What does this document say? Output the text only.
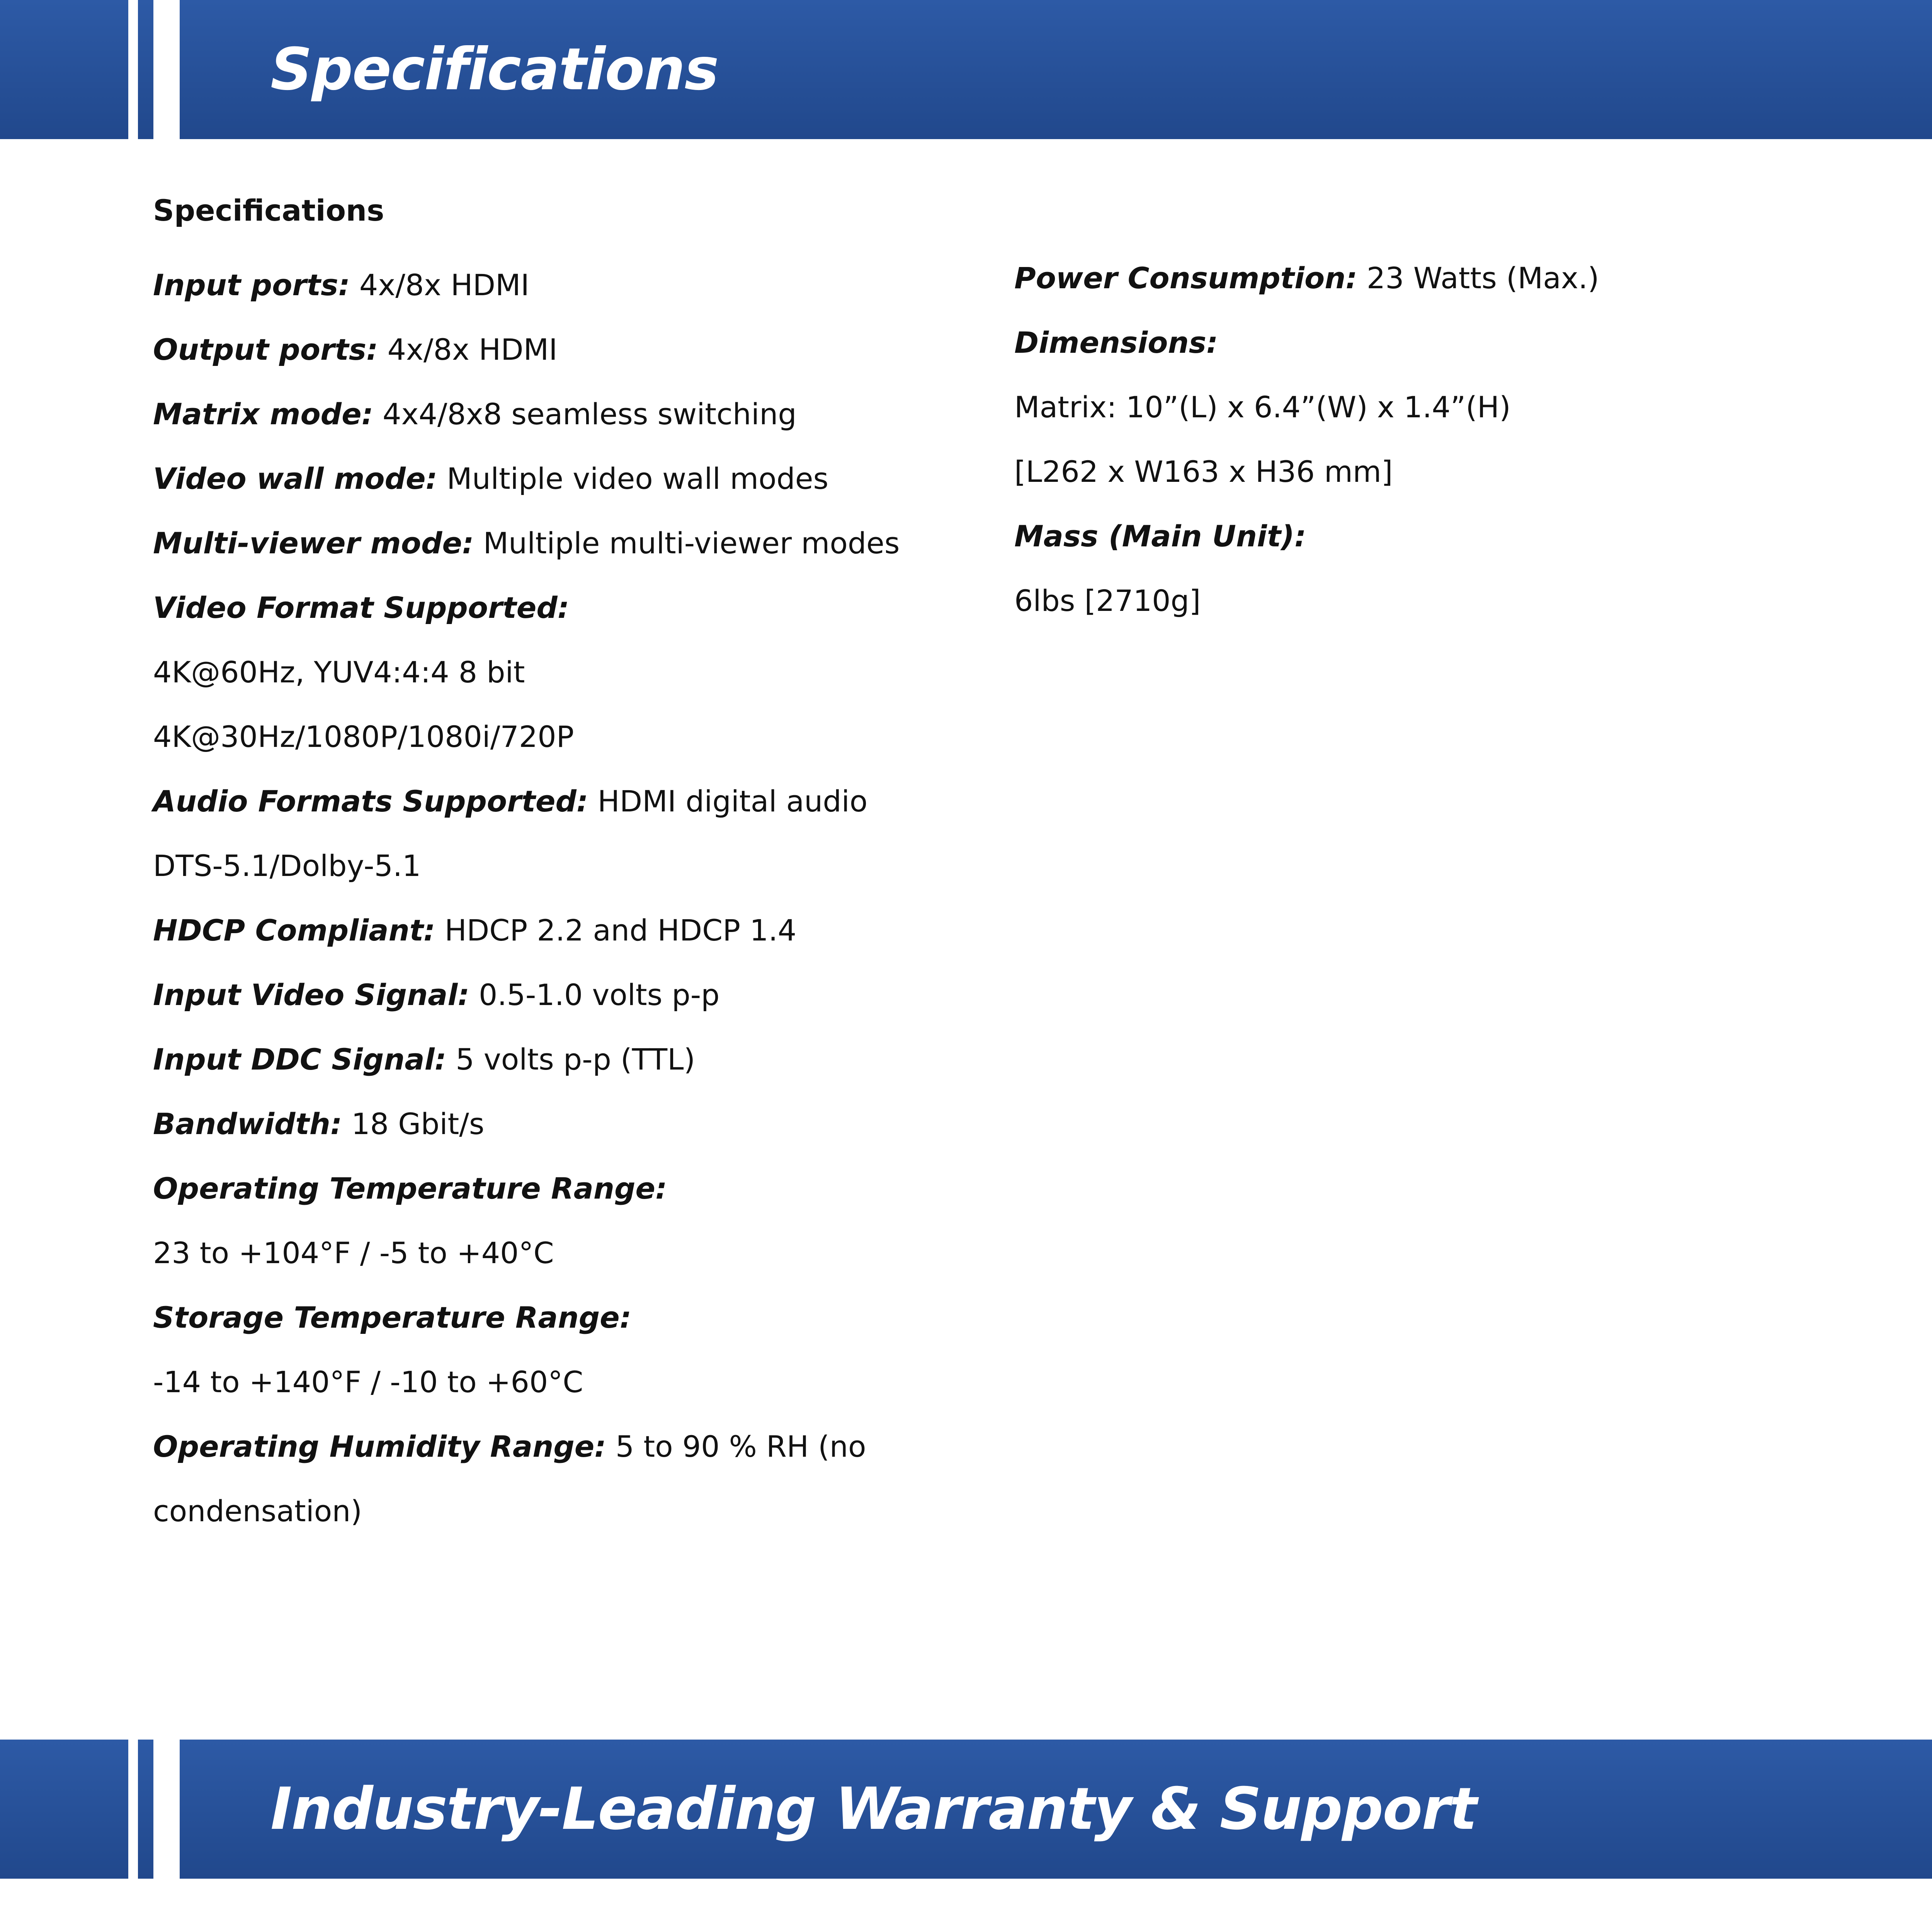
Specifications
Specifications
Input ports: 4x/8x HDMI
Output ports: 4x/8x HDMI
Matrix mode: 4x4/8x8 seamless switching
Video wall mode: Multiple video wall modes
Multi-viewer mode: Multiple multi-viewer modes
Video Format Supported:
4K@60Hz, YUV4:4:4 8 bit
4K@30Hz/1080P/1080i/720P
Audio Formats Supported: HDMI digital audio
DTS-5.1/Dolby-5.1
HDCP Compliant: HDCP 2.2 and HDCP 1.4
Input Video Signal: 0.5-1.0 volts p-p
Input DDC Signal: 5 volts p-p (TTL)
Bandwidth: 18 Gbit/s
Operating Temperature Range:
23 to +104°F / -5 to +40°C
Storage Temperature Range:
-14 to +140°F / -10 to +60°C
Operating Humidity Range: 5 to 90 % RH (no
condensation)
Power Consumption: 23 Watts (Max.)
Dimensions:
Matrix: 10”(L) x 6.4”(W) x 1.4”(H)
[L262 x W163 x H36 mm]
Mass (Main Unit):
6lbs [2710g]
Industry-Leading Warranty & Support
